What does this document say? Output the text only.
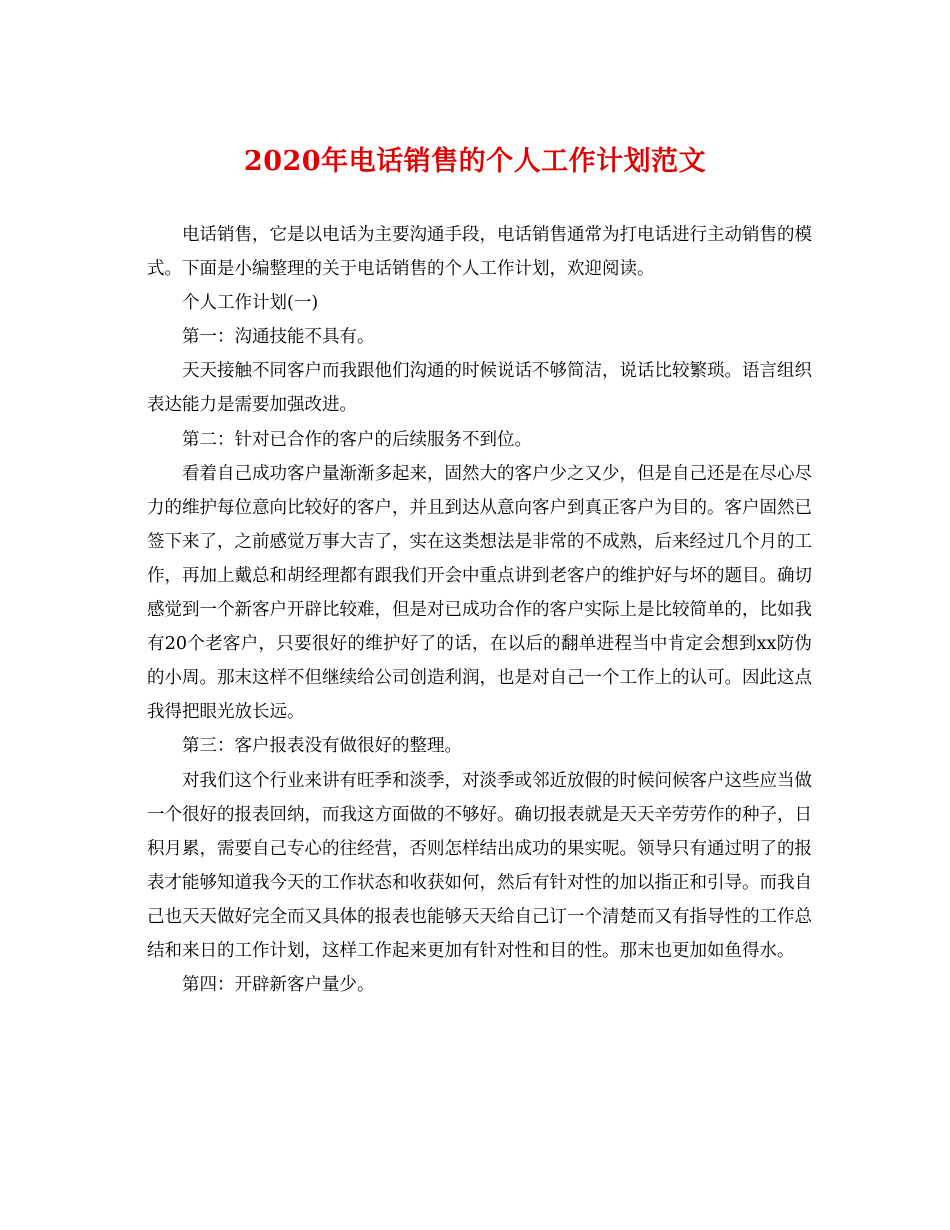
2020年电话销售的个人工作计划范文

电话销售，它是以电话为主要沟通手段，电话销售通常为打电话进行主动销售的模式。下面是小编整理的关于电话销售的个人工作计划，欢迎阅读。

个人工作计划(一)

第一：沟通技能不具有。

天天接触不同客户而我跟他们沟通的时候说话不够简洁，说话比较繁琐。语言组织表达能力是需要加强改进。

第二：针对已合作的客户的后续服务不到位。

看着自己成功客户量渐渐多起来，固然大的客户少之又少，但是自己还是在尽心尽力的维护每位意向比较好的客户，并且到达从意向客户到真正客户为目的。客户固然已签下来了，之前感觉万事大吉了，实在这类想法是非常的不成熟，后来经过几个月的工作，再加上戴总和胡经理都有跟我们开会中重点讲到老客户的维护好与坏的题目。确切感觉到一个新客户开辟比较难，但是对已成功合作的客户实际上是比较简单的，比如我有20个老客户，只要很好的维护好了的话，在以后的翻单进程当中肯定会想到xx防伪的小周。那末这样不但继续给公司创造利润，也是对自己一个工作上的认可。因此这点我得把眼光放长远。

第三：客户报表没有做很好的整理。

对我们这个行业来讲有旺季和淡季，对淡季或邻近放假的时候问候客户这些应当做一个很好的报表回纳，而我这方面做的不够好。确切报表就是天天辛劳劳作的种子，日积月累，需要自己专心的往经营，否则怎样结出成功的果实呢。领导只有通过明了的报表才能够知道我今天的工作状态和收获如何，然后有针对性的加以指正和引导。而我自己也天天做好完全而又具体的报表也能够天天给自己订一个清楚而又有指导性的工作总结和来日的工作计划，这样工作起来更加有针对性和目的性。那末也更加如鱼得水。

第四：开辟新客户量少。
